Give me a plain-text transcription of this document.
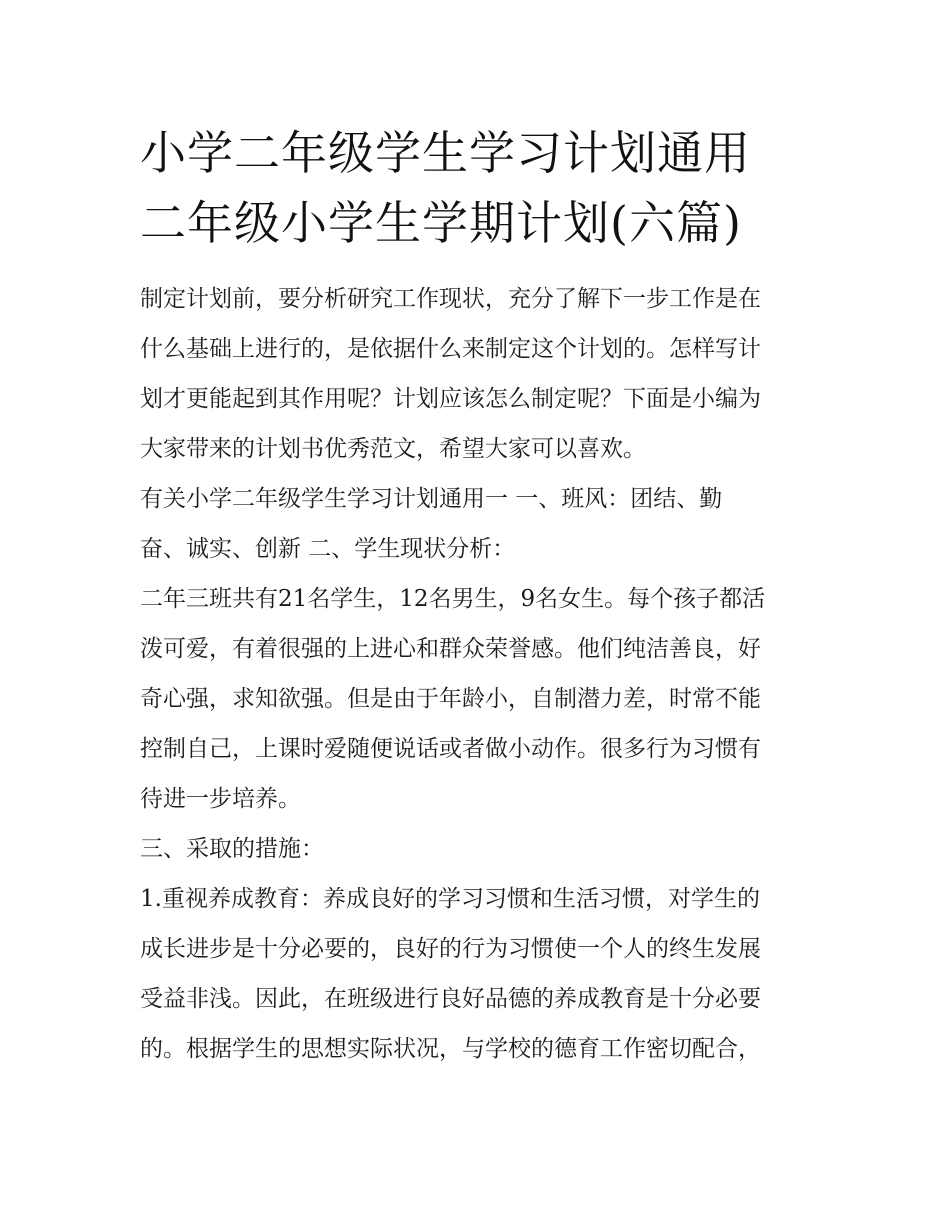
小学二年级学生学习计划通用
二年级小学生学期计划(六篇)

制定计划前，要分析研究工作现状，充分了解下一步工作是在
什么基础上进行的，是依据什么来制定这个计划的。怎样写计
划才更能起到其作用呢？计划应该怎么制定呢？下面是小编为
大家带来的计划书优秀范文，希望大家可以喜欢。

有关小学二年级学生学习计划通用一 一、班风：团结、勤
奋、诚实、创新 二、学生现状分析：

二年三班共有21名学生，12名男生，9名女生。每个孩子都活
泼可爱，有着很强的上进心和群众荣誉感。他们纯洁善良，好
奇心强，求知欲强。但是由于年龄小，自制潜力差，时常不能
控制自己，上课时爱随便说话或者做小动作。很多行为习惯有
待进一步培养。

三、采取的措施：

1.重视养成教育：养成良好的学习习惯和生活习惯，对学生的
成长进步是十分必要的，良好的行为习惯使一个人的终生发展
受益非浅。因此，在班级进行良好品德的养成教育是十分必要
的。根据学生的思想实际状况，与学校的德育工作密切配合，
